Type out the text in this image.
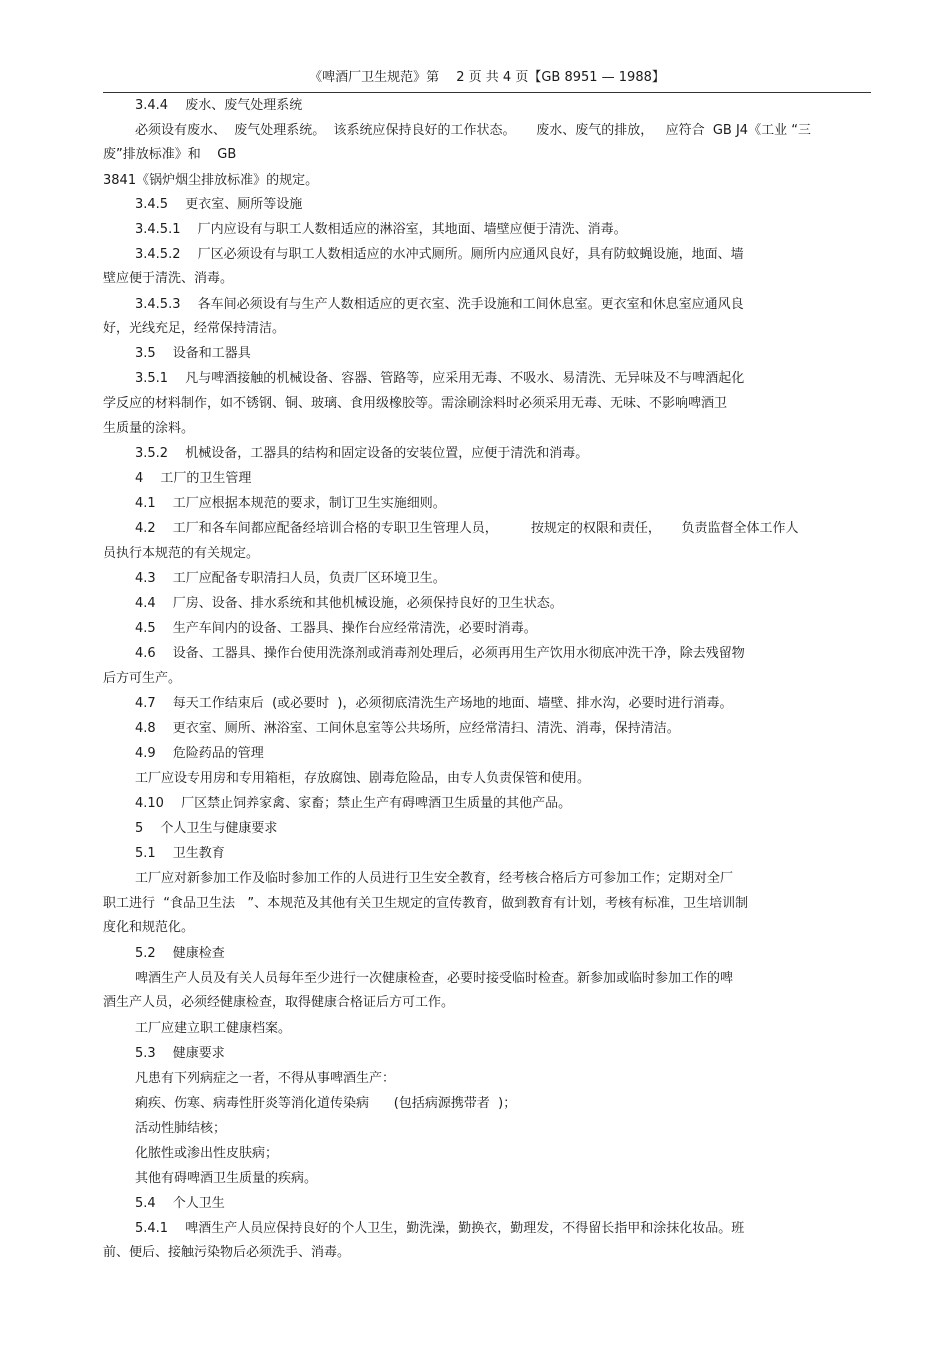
《啤酒厂卫生规范》第　 2 页 共 4 页【GB 8951 — 1988】
3.4.4　 废水、废气处理系统
必须设有废水、  废气处理系统。  该系统应保持良好的工作状态。     废水、废气的排放，   应符合  GB J4《工业 “三
废”排放标准》和    GB
3841《锅炉烟尘排放标准》的规定。
3.4.5　 更衣室、厕所等设施
3.4.5.1　 厂内应设有与职工人数相适应的淋浴室，其地面、墙壁应便于清洗、消毒。
3.4.5.2　 厂区必须设有与职工人数相适应的水冲式厕所。厕所内应通风良好，具有防蚊蝇设施，地面、墙
壁应便于清洗、消毒。
3.4.5.3　 各车间必须设有与生产人数相适应的更衣室、洗手设施和工间休息室。更衣室和休息室应通风良
好，光线充足，经常保持清洁。
3.5　 设备和工器具
3.5.1　 凡与啤酒接触的机械设备、容器、管路等，应采用无毒、不吸水、易清洗、无异味及不与啤酒起化
学反应的材料制作，如不锈钢、铜、玻璃、食用级橡胶等。需涂刷涂料时必须采用无毒、无味、不影响啤酒卫
生质量的涂料。
3.5.2　 机械设备，工器具的结构和固定设备的安装位置，应便于清洗和消毒。
4　 工厂的卫生管理
4.1　 工厂应根据本规范的要求，制订卫生实施细则。
4.2　 工厂和各车间都应配备经培训合格的专职卫生管理人员，        按规定的权限和责任，     负责监督全体工作人
员执行本规范的有关规定。
4.3　 工厂应配备专职清扫人员，负责厂区环境卫生。
4.4　 厂房、设备、排水系统和其他机械设施，必须保持良好的卫生状态。
4.5　 生产车间内的设备、工器具、操作台应经常清洗，必要时消毒。
4.6　 设备、工器具、操作台使用洗涤剂或消毒剂处理后，必须再用生产饮用水彻底冲洗干净，除去残留物
后方可生产。
4.7　 每天工作结束后  (或必要时  )，必须彻底清洗生产场地的地面、墙壁、排水沟，必要时进行消毒。
4.8　 更衣室、厕所、淋浴室、工间休息室等公共场所，应经常清扫、清洗、消毒，保持清洁。
4.9　 危险药品的管理
工厂应设专用房和专用箱柜，存放腐蚀、剧毒危险品，由专人负责保管和使用。
4.10　 厂区禁止饲养家禽、家畜；禁止生产有碍啤酒卫生质量的其他产品。
5　 个人卫生与健康要求
5.1　 卫生教育
工厂应对新参加工作及临时参加工作的人员进行卫生安全教育，经考核合格后方可参加工作；定期对全厂
职工进行  “食品卫生法   ”、本规范及其他有关卫生规定的宣传教育，做到教育有计划，考核有标准，卫生培训制
度化和规范化。
5.2　 健康检查
啤酒生产人员及有关人员每年至少进行一次健康检查，必要时接受临时检查。新参加或临时参加工作的啤
酒生产人员，必须经健康检查，取得健康合格证后方可工作。
工厂应建立职工健康档案。
5.3　 健康要求
凡患有下列病症之一者，不得从事啤酒生产：
痢疾、伤寒、病毒性肝炎等消化道传染病      (包括病源携带者  )；
活动性肺结核；
化脓性或渗出性皮肤病；
其他有碍啤酒卫生质量的疾病。
5.4　 个人卫生
5.4.1　 啤酒生产人员应保持良好的个人卫生，勤洗澡，勤换衣，勤理发，不得留长指甲和涂抹化妆品。班
前、便后、接触污染物后必须洗手、消毒。
